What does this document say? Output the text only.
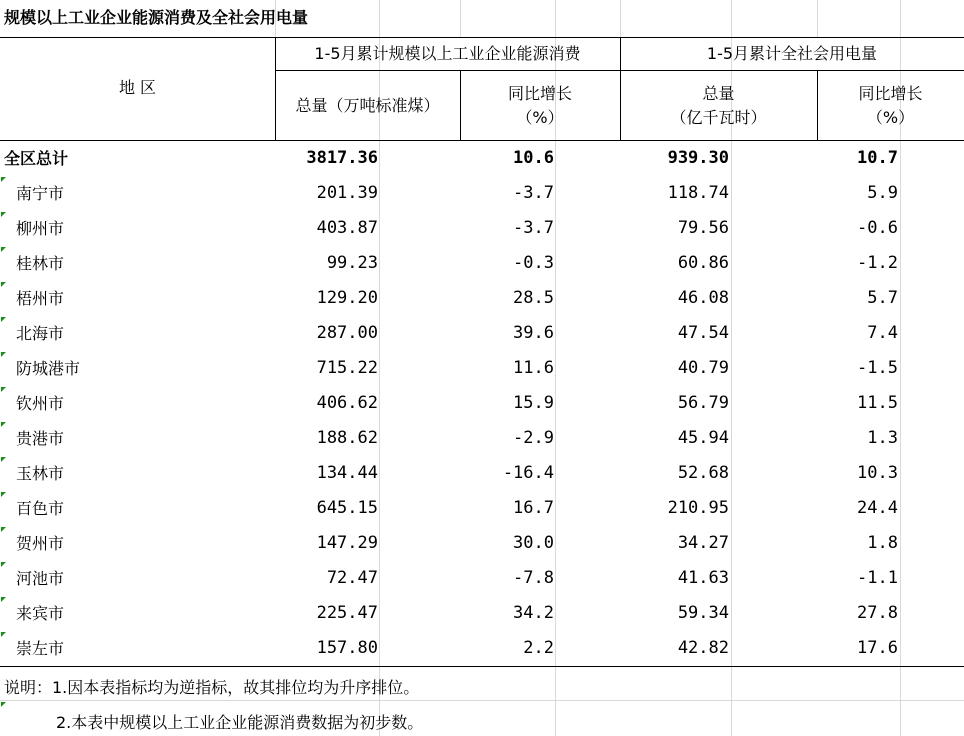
规模以上工业企业能源消费及全社会用电量
地 区
1-5月累计规模以上工业企业能源消费	1-5月累计全社会用电量
总量（万吨标准煤）
同比增长
（%）
总量
（亿千瓦时）
同比增长
（%）
全区总计	3817.36	10.6	939.30	10.7
南宁市	201.39	-3.7	118.74	5.9
柳州市	403.87	-3.7	79.56	-0.6
桂林市	99.23	-0.3	60.86	-1.2
梧州市	129.20	28.5	46.08	5.7
北海市	287.00	39.6	47.54	7.4
防城港市	715.22	11.6	40.79	-1.5
钦州市	406.62	15.9	56.79	11.5
贵港市	188.62	-2.9	45.94	1.3
玉林市	134.44	-16.4	52.68	10.3
百色市	645.15	16.7	210.95	24.4
贺州市	147.29	30.0	34.27	1.8
河池市	72.47	-7.8	41.63	-1.1
来宾市	225.47	34.2	59.34	27.8
崇左市	157.80	2.2	42.82	17.6
说明：1.因本表指标均为逆指标，故其排位均为升序排位。
2.本表中规模以上工业企业能源消费数据为初步数。
